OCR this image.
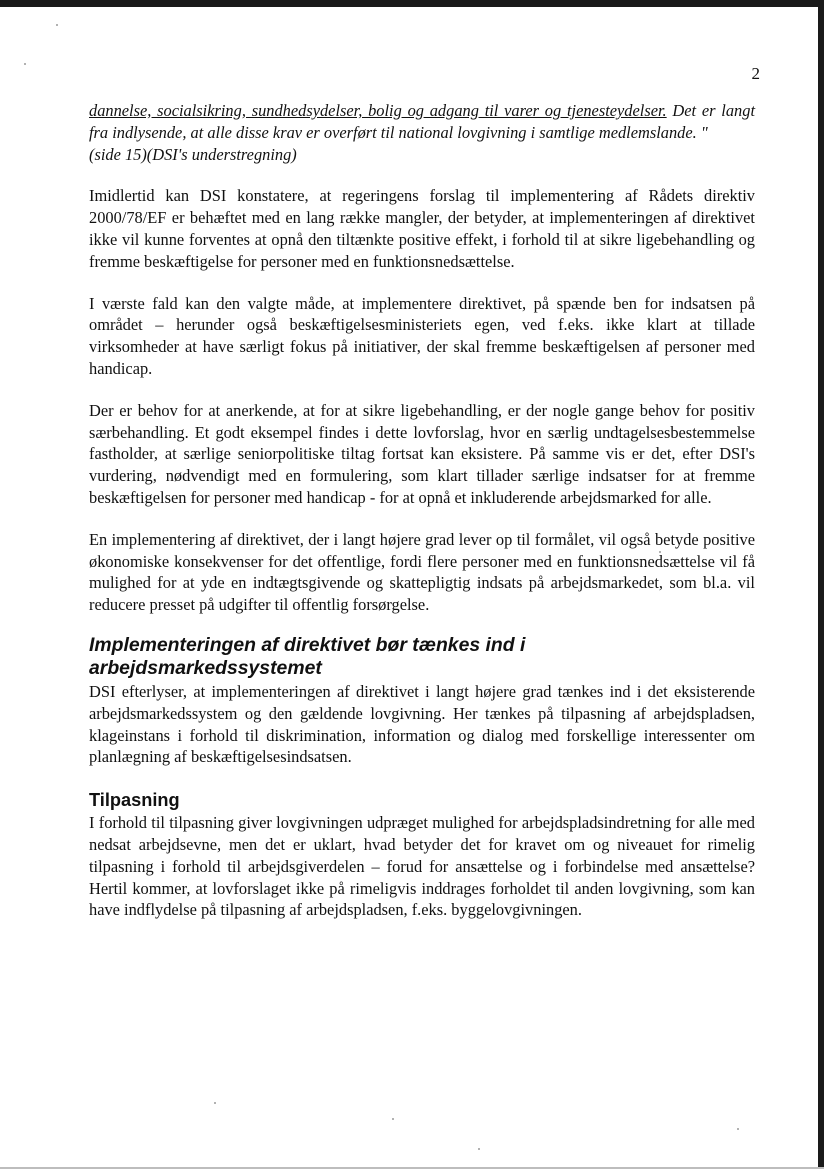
2

dannelse, socialsikring, sundhedsydelser, bolig og adgang til varer og tjenesteydelser. Det er langt fra indlysende, at alle disse krav er overført til national lovgivning i samtlige medlemslande. "
(side 15)(DSI's understregning)

Imidlertid kan DSI konstatere, at regeringens forslag til implementering af Rådets direktiv 2000/78/EF er behæftet med en lang række mangler, der betyder, at implementeringen af direktivet ikke vil kunne forventes at opnå den tiltænkte positive effekt, i forhold til at sikre ligebehandling og fremme beskæftigelse for personer med en funktionsnedsættelse.

I værste fald kan den valgte måde, at implementere direktivet, på spænde ben for indsatsen på området – herunder også beskæftigelsesministeriets egen, ved f.eks. ikke klart at tillade virksomheder at have særligt fokus på initiativer, der skal fremme beskæftigelsen af personer med handicap.

Der er behov for at anerkende, at for at sikre ligebehandling, er der nogle gange behov for positiv særbehandling. Et godt eksempel findes i dette lovforslag, hvor en særlig undtagelsesbestemmelse fastholder, at særlige seniorpolitiske tiltag fortsat kan eksistere. På samme vis er det, efter DSI's vurdering, nødvendigt med en formulering, som klart tillader særlige indsatser for at fremme beskæftigelsen for personer med handicap - for at opnå et inkluderende arbejdsmarked for alle.

En implementering af direktivet, der i langt højere grad lever op til formålet, vil også betyde positive økonomiske konsekvenser for det offentlige, fordi flere personer med en funktionsnedsættelse vil få mulighed for at yde en indtægtsgivende og skattepligtig indsats på arbejdsmarkedet, som bl.a. vil reducere presset på udgifter til offentlig forsørgelse.

Implementeringen af direktivet bør tænkes ind i arbejdsmarkedssystemet

DSI efterlyser, at implementeringen af direktivet i langt højere grad tænkes ind i det eksisterende arbejdsmarkedssystem og den gældende lovgivning. Her tænkes på tilpasning af arbejdspladsen, klageinstans i forhold til diskrimination, information og dialog med forskellige interessenter om planlægning af beskæftigelsesindsatsen.

Tilpasning

I forhold til tilpasning giver lovgivningen udpræget mulighed for arbejdspladsindretning for alle med nedsat arbejdsevne, men det er uklart, hvad betyder det for kravet om og niveauet for rimelig tilpasning i forhold til arbejdsgiverdelen – forud for ansættelse og i forbindelse med ansættelse? Hertil kommer, at lovforslaget ikke på rimeligvis inddrages forholdet til anden lovgivning, som kan have indflydelse på tilpasning af arbejdspladsen, f.eks. byggelovgivningen.
